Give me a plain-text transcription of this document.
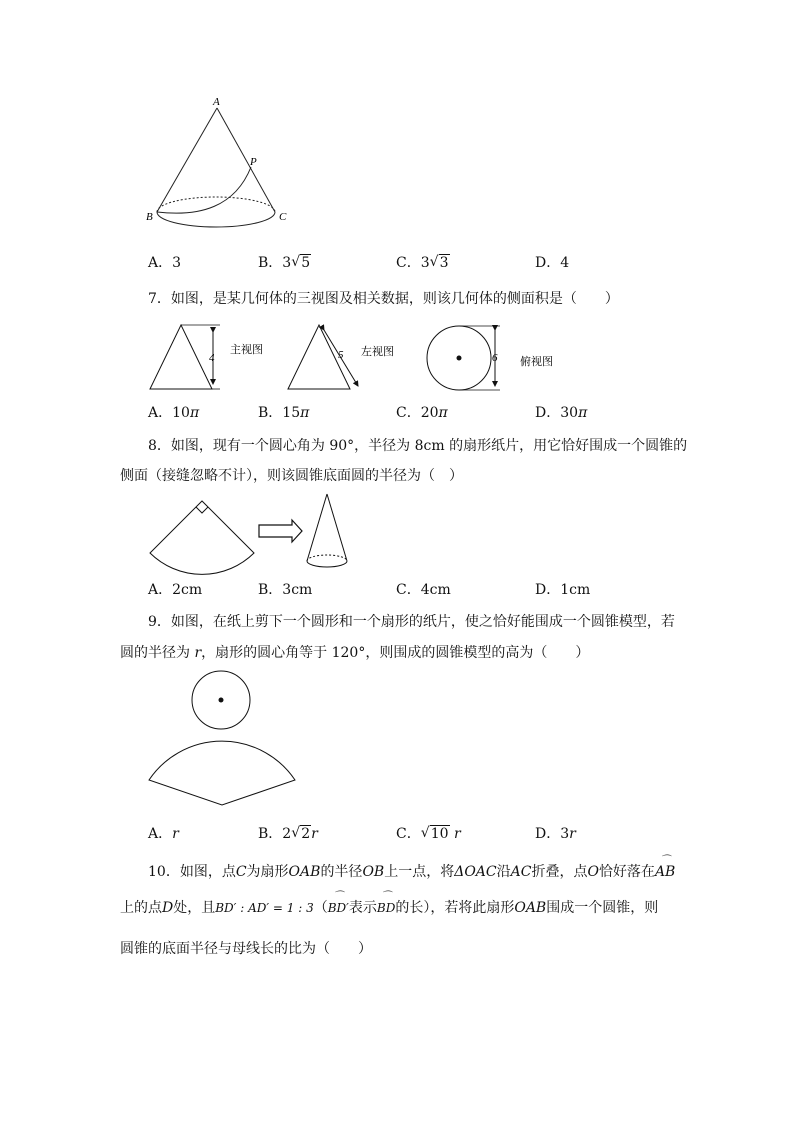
A
P
B	C
A．3	B．3 √ 5	C．3 √ 3	D．4
7．如图，是某几何体的三视图及相关数据，则该几何体的侧面积是（　　）
4
主视图	5 左视图	6 俯视图
A．10π	B．15π	C．20π	D．30π
8．如图，现有一个圆心角为 90°，半径为 8cm 的扇形纸片，用它恰好围成一个圆锥的
侧面（接缝忽略不计），则该圆锥底面圆的半径为（　）
A．2cm	B．3cm	C．4cm	D．1cm
9．如图，在纸上剪下一个圆形和一个扇形的纸片，使之恰好能围成一个圆锥模型，若
圆的半径为 r，扇形的圆心角等于 120°，则围成的圆锥模型的高为（　　）
A．r	B．2 √ 2r	C． √ 10 r	D．3r
10．如图，点C为扇形OAB的半径OB上一点，将ΔOAC沿AC折叠，点O恰好落在
⌒
AB
上的点D处，且BD′ : AD′ = 1 : 3（
⌒
BD′表示
⌒
BD的长），若将此扇形OAB围成一个圆锥，则
圆锥的底面半径与母线长的比为（　　）
